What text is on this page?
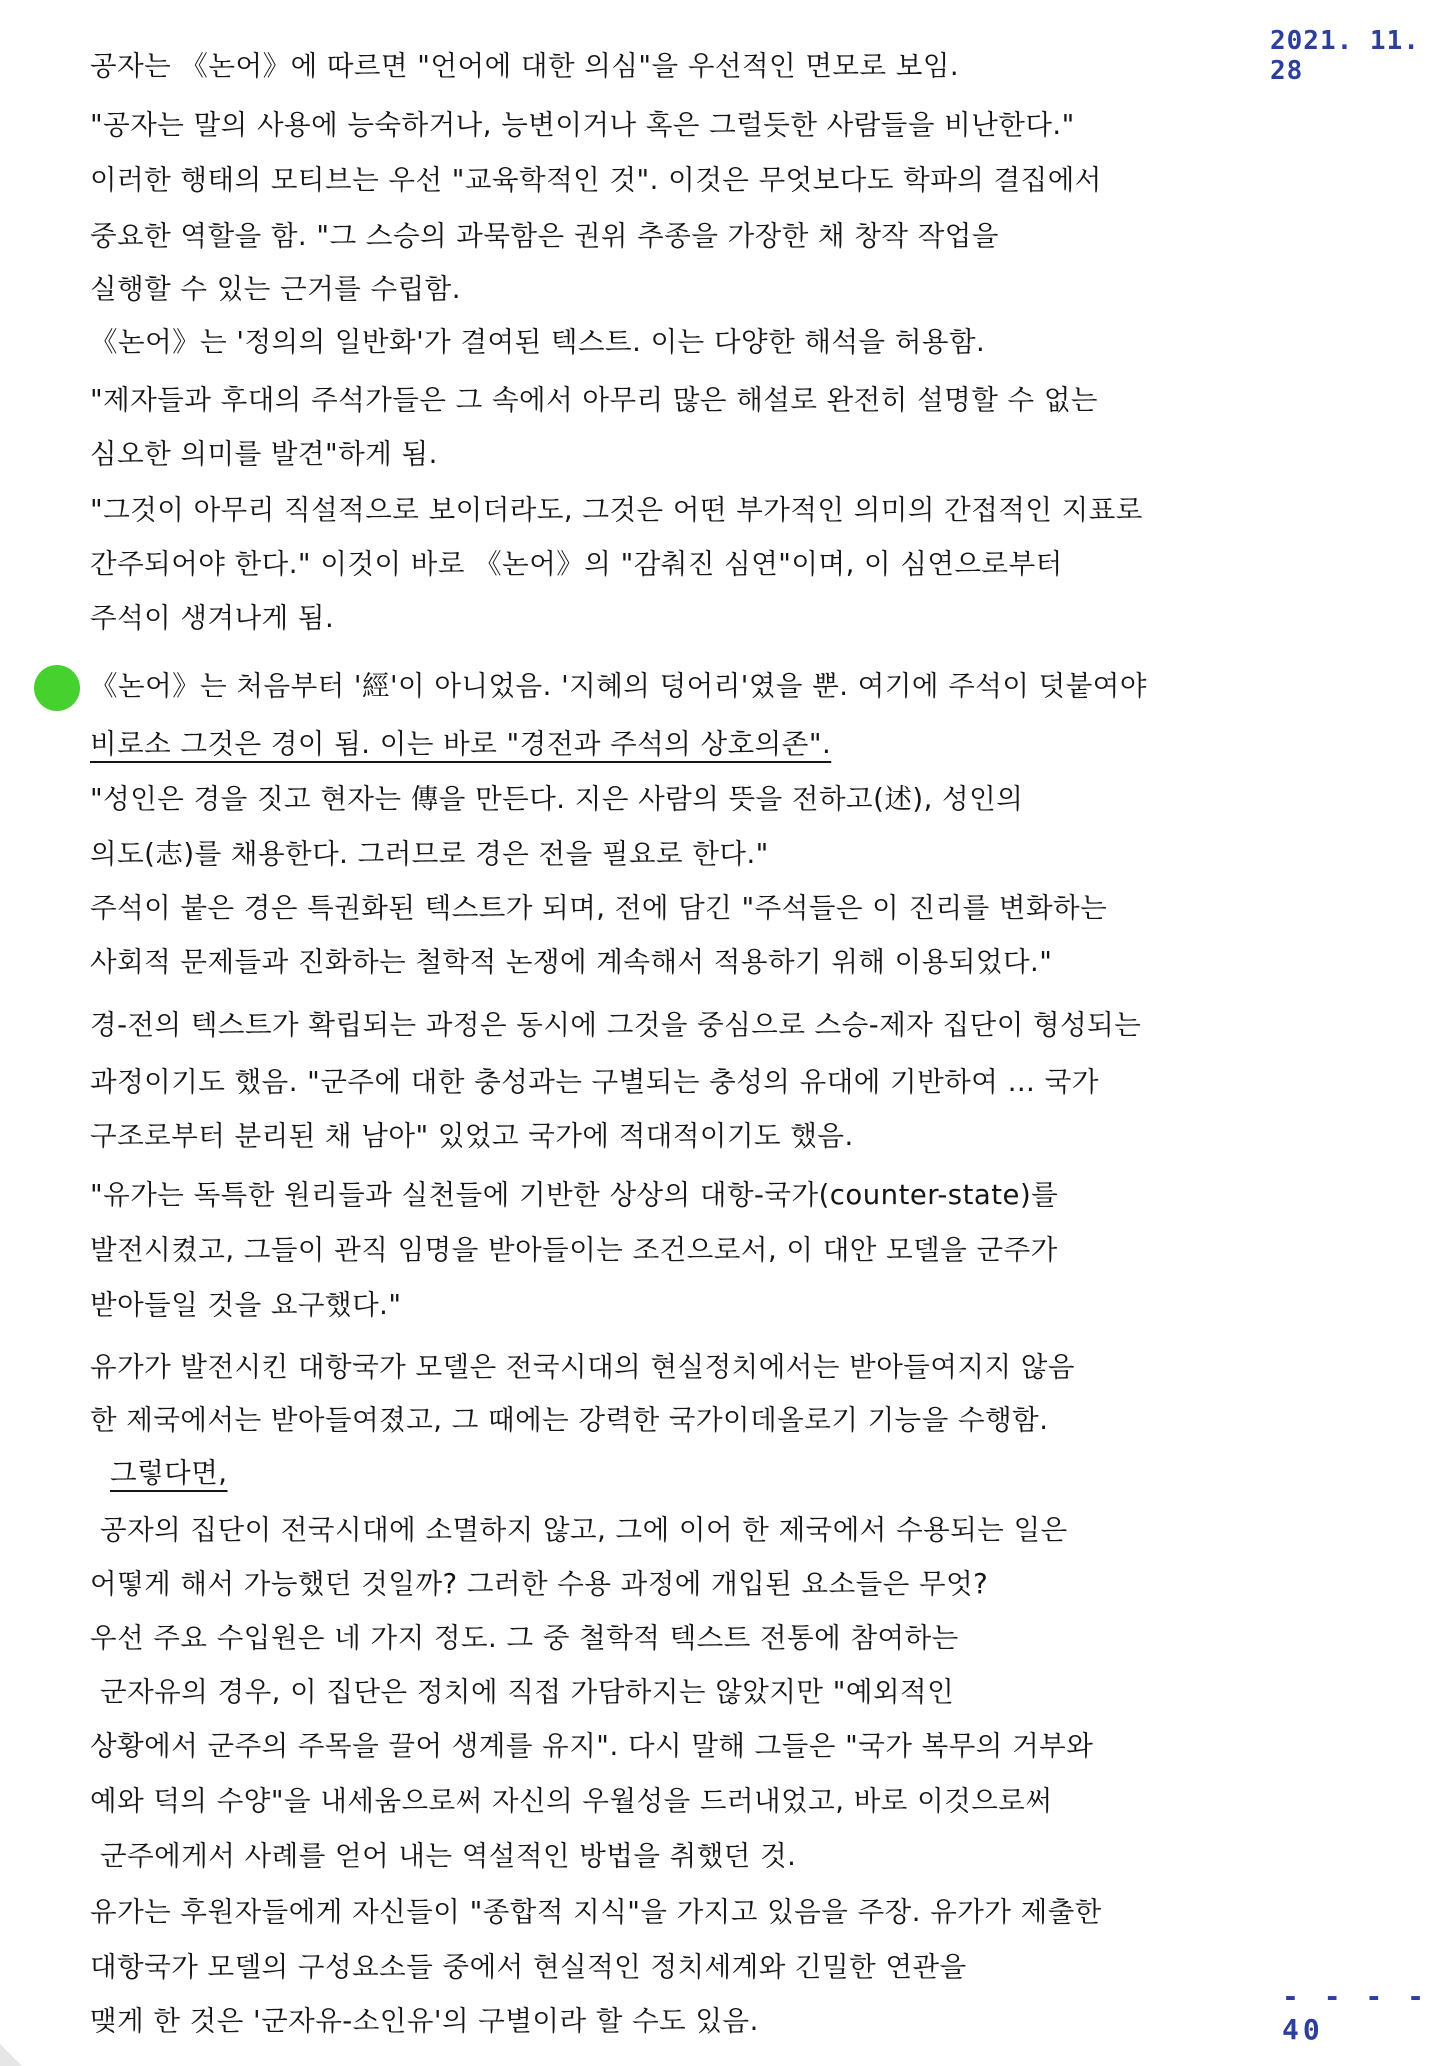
2021. 11. 28
공자는 《논어》에 따르면 "언어에 대한 의심"을 우선적인 면모로 보임.
"공자는 말의 사용에 능숙하거나, 능변이거나 혹은 그럴듯한 사람들을 비난한다."
이러한 행태의 모티브는 우선 "교육학적인 것". 이것은 무엇보다도 학파의 결집에서
중요한 역할을 함. "그 스승의 과묵함은 권위 추종을 가장한 채 창작 작업을
실행할 수 있는 근거를 수립함.
《논어》는 '정의의 일반화'가 결여된 텍스트. 이는 다양한 해석을 허용함.
"제자들과 후대의 주석가들은 그 속에서 아무리 많은 해설로 완전히 설명할 수 없는
심오한 의미를 발견"하게 됨.
"그것이 아무리 직설적으로 보이더라도, 그것은 어떤 부가적인 의미의 간접적인 지표로
간주되어야 한다." 이것이 바로 《논어》의 "감춰진 심연"이며, 이 심연으로부터
주석이 생겨나게 됨.
《논어》는 처음부터 '經'이 아니었음. '지혜의 덩어리'였을 뿐. 여기에 주석이 덧붙여야
비로소 그것은 경이 됨. 이는 바로 "경전과 주석의 상호의존".
"성인은 경을 짓고 현자는 傳을 만든다. 지은 사람의 뜻을 전하고(述), 성인의
의도(志)를 채용한다. 그러므로 경은 전을 필요로 한다."
주석이 붙은 경은 특권화된 텍스트가 되며, 전에 담긴 "주석들은 이 진리를 변화하는
사회적 문제들과 진화하는 철학적 논쟁에 계속해서 적용하기 위해 이용되었다."
경-전의 텍스트가 확립되는 과정은 동시에 그것을 중심으로 스승-제자 집단이 형성되는
과정이기도 했음. "군주에 대한 충성과는 구별되는 충성의 유대에 기반하여 … 국가
구조로부터 분리된 채 남아" 있었고 국가에 적대적이기도 했음.
"유가는 독특한 원리들과 실천들에 기반한 상상의 대항-국가(counter-state)를
발전시켰고, 그들이 관직 임명을 받아들이는 조건으로서, 이 대안 모델을 군주가
받아들일 것을 요구했다."
유가가 발전시킨 대항국가 모델은 전국시대의 현실정치에서는 받아들여지지 않음
한 제국에서는 받아들여졌고, 그 때에는 강력한 국가이데올로기 기능을 수행함.
그렇다면,
공자의 집단이 전국시대에 소멸하지 않고, 그에 이어 한 제국에서 수용되는 일은
어떻게 해서 가능했던 것일까? 그러한 수용 과정에 개입된 요소들은 무엇?
우선 주요 수입원은 네 가지 정도. 그 중 철학적 텍스트 전통에 참여하는
군자유의 경우, 이 집단은 정치에 직접 가담하지는 않았지만 "예외적인
상황에서 군주의 주목을 끌어 생계를 유지". 다시 말해 그들은 "국가 복무의 거부와
예와 덕의 수양"을 내세움으로써 자신의 우월성을 드러내었고, 바로 이것으로써
군주에게서 사례를 얻어 내는 역설적인 방법을 취했던 것.
유가는 후원자들에게 자신들이 "종합적 지식"을 가지고 있음을 주장. 유가가 제출한
대항국가 모델의 구성요소들 중에서 현실적인 정치세계와 긴밀한 연관을
맺게 한 것은 '군자유-소인유'의 구별이라 할 수도 있음.
- - - - 40
